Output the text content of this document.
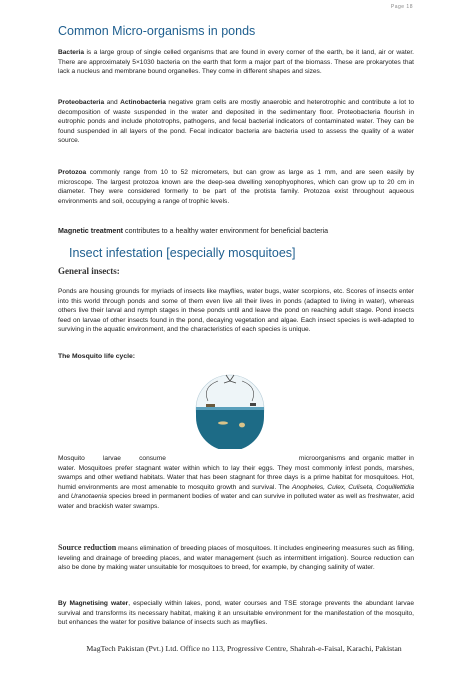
Page 18
Common Micro-organisms in ponds

Bacteria is a large group of single celled organisms that are found in every corner of the earth, be it land, air or water. There are approximately 5×1030 bacteria on the earth that form a major part of the biomass. These are prokaryotes that lack a nucleus and membrane bound organelles. They come in different shapes and sizes.

Proteobacteria and Actinobacteria negative gram cells are mostly anaerobic and heterotrophic and contribute a lot to decomposition of waste suspended in the water and deposited in the sedimentary floor. Proteobacteria flourish in eutrophic ponds and include phototrophs, pathogens, and fecal bacterial indicators of contaminated water. They can be found suspended in all layers of the pond. Fecal indicator bacteria are bacteria used to assess the quality of a water source.

Protozoa commonly range from 10 to 52 micrometers, but can grow as large as 1 mm, and are seen easily by microscope. The largest protozoa known are the deep-sea dwelling xenophyophores, which can grow up to 20 cm in diameter. They were considered formerly to be part of the protista family. Protozoa exist throughout aqueous environments and soil, occupying a range of trophic levels.

Magnetic treatment contributes to a healthy water environment for beneficial bacteria

Insect infestation [especially mosquitoes]
General insects:

Ponds are housing grounds for myriads of insects like mayflies, water bugs, water scorpions, etc. Scores of insects enter into this world through ponds and some of them even live all their lives in ponds (adapted to living in water), whereas others live their larval and nymph stages in these ponds until and leave the pond on reaching adult stage. Pond insects feed on larvae of other insects found in the pond, decaying vegetation and algae. Each insect species is well-adapted to surviving in the aquatic environment, and the characteristics of each species is unique.

The Mosquito life cycle:

Mosquito	larvae	consume	microorganisms and organic matter in water. Mosquitoes prefer stagnant water within which to lay their eggs. They most commonly infest ponds, marshes, swamps and other wetland habitats. Water that has been stagnant for three days is a prime habitat for mosquitoes. Hot, humid environments are most amenable to mosquito growth and survival. The Anopheles, Culex, Culiseta, Coquillettidia and Uranotaenia species breed in permanent bodies of water and can survive in polluted water as well as freshwater, acid water and brackish water swamps.

Source reduction means elimination of breeding places of mosquitoes. It includes engineering measures such as filling, leveling and drainage of breeding places, and water management (such as intermittent irrigation). Source reduction can also be done by making water unsuitable for mosquitoes to breed, for example, by changing salinity of water.

By Magnetising water, especially within lakes, pond, water courses and TSE storage prevents the abundant larvae survival and transforms its necessary habitat, making it an unsuitable environment for the manifestation of the mosquito, but enhances the water for positive balance of insects such as mayflies.

MagTech Pakistan (Pvt.) Ltd. Office no 113, Progressive Centre, Shahrah-e-Faisal, Karachi, Pakistan
